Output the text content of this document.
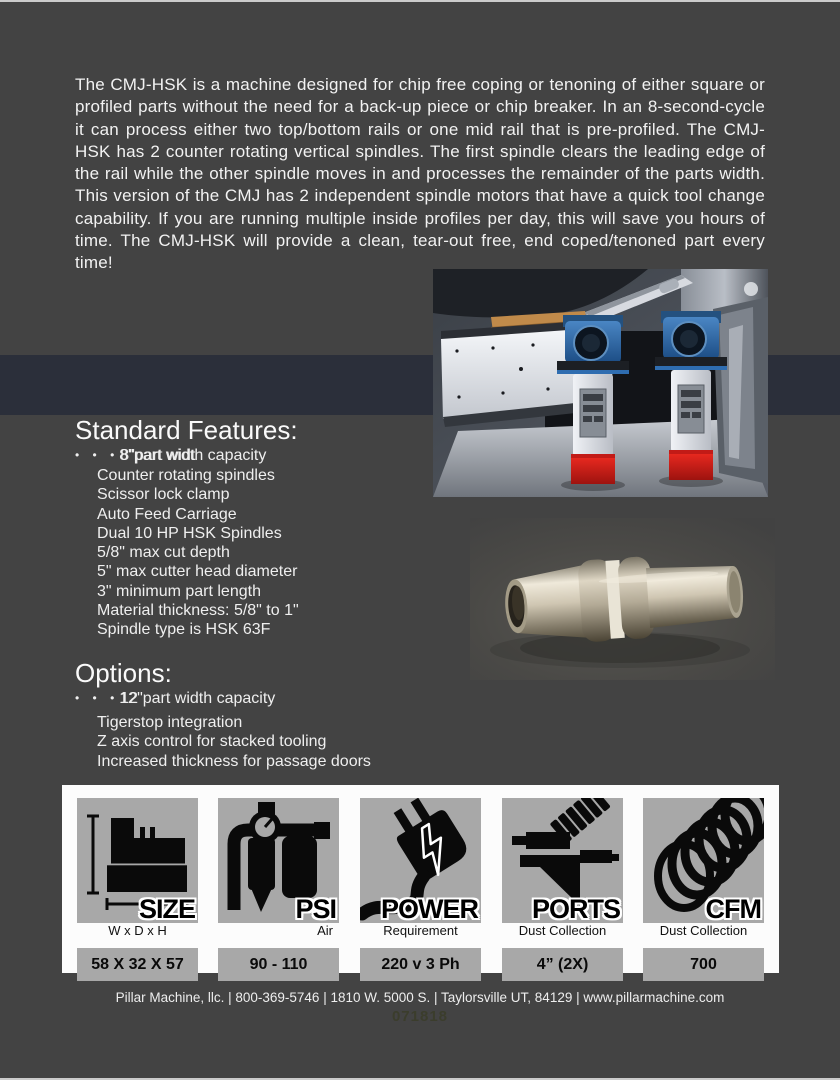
The CMJ-HSK is a machine designed for chip free coping or tenoning of either square or profiled parts without the need for a back-up piece or chip breaker. In an 8-second-cycle it can process either two top/bottom rails or one mid rail that is pre-profiled. The CMJ-HSK has 2 counter rotating vertical spindles. The first spindle clears the leading edge of the rail while the other spindle moves in and processes the remainder of the parts width. This version of the CMJ has 2 independent spindle motors that have a quick tool change capability. If you are running multiple inside profiles per day, this will save you hours of time. The CMJ-HSK will provide a clean, tear-out free, end coped/tenoned part every time!

Standard Features:
• • •8"part width capacity
Counter rotating spindles
Scissor lock clamp
Auto Feed Carriage
Dual 10 HP HSK Spindles
5/8" max cut depth
5" max cutter head diameter
3" minimum part length
Material thickness: 5/8" to 1"
Spindle type is HSK 63F
Options:
• • •12"part width capacity
Tigerstop integration
Z axis control for stacked tooling
Increased thickness for passage doors
SIZE
W x D x H
58 X 32 X 57
PSI
Air
90 - 110
POWER
Requirement
220 v 3 Ph
PORTS
Dust Collection
4” (2X)
CFM
Dust Collection
700
Pillar Machine, llc. | 800-369-5746 | 1810 W. 5000 S. | Taylorsville UT, 84129 | www.pillarmachine.com
071818
